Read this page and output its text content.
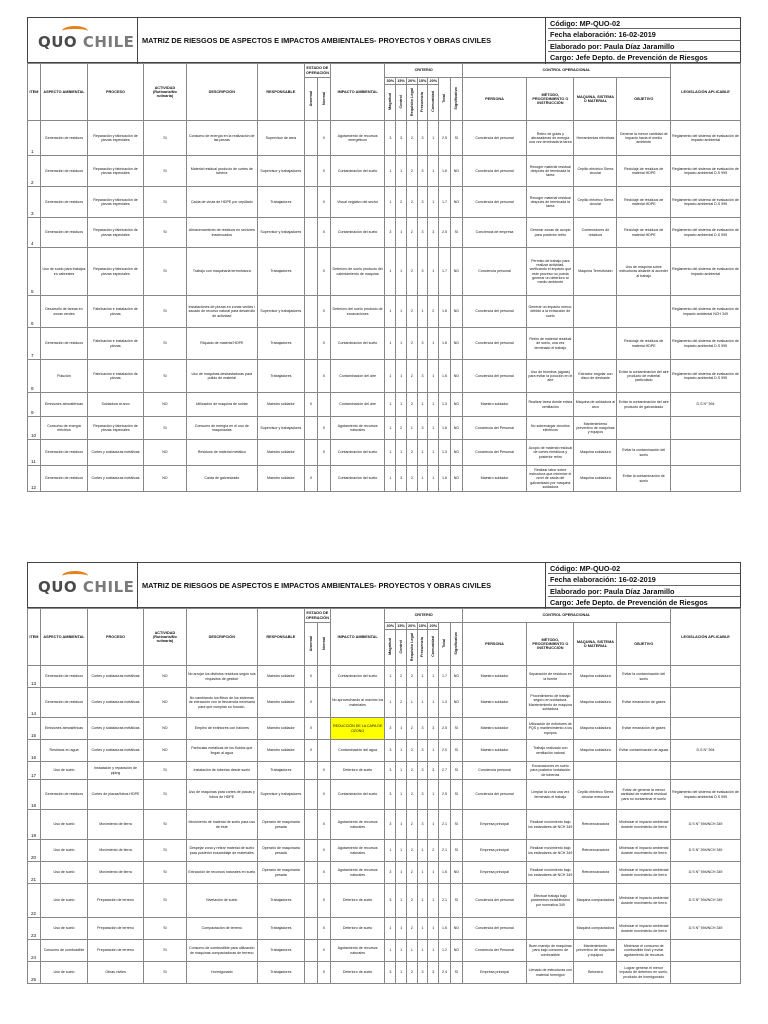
QUO CHILE MATRIZ DE RIESGOS DE ASPECTOS E IMPACTOS AMBIENTALES- PROYECTOS Y OBRAS CIVILES
Código: MP-QUO-02
Fecha elaboración: 16-02-2019
Elaborado por: Paula Díaz Jaramillo
Cargo: Jefe Depto. de Prevención de Riesgos
ITEM	ASPECTO AMBIENTAL	PROCESO	ACTIVIDAD (Rutinaria/No rutinaria)	DESCRIPCIÓN	RESPONSABLE	ESTADO DE OPERACIÓN		IMPACTO AMBIENTAL	CRITERIO							CONTROL OPERACIONAL				LEGISLACIÓN APLICABLE
						Anormal	Normal		30%	15%	20%	15%	20%	Total	Significativo	PERSONA	MÉTODO, PROCEDIMIENTO O INSTRUCCIÓN	MAQUINA, SISTEMA O MATERIAL	OBJETIVO	
									Magnitud	Control	Requisito Legal	Frecuencia	Comunidad							
1	Generación de residuos	Reparación y fabricación de piezas especiales	SI	Consumo de energía en la realización de las piezas	Supervisor de área		X	Agotamiento de recursos energéticos	3	3	2	3	1	2.5	SI	Conciencia del personal	Retiro de gutas y abrazaderas de energía una vez terminada la tarea	Herramientas eléctricas	Generar la menor cantidad de impacto hacia el medio ambiente	Reglamento del sistema de evaluación de impacto ambiental
2	Generación de residuos	Reparación y fabricación de piezas especiales	SI	Material residual producto de cortes de tubería	Supervisor y trabajadores		X	Contaminación del suelo	1	1	2	3	1	1.6	NO	Conciencia del personal	Recoger material residual después de terminada la tarea	Cepillo eléctrico Sierra circular	Reciclaje de residuos de material HDPE	Reglamento del sistema de evaluación de impacto ambiental D.S 995
3	Generación de residuos	Reparación y fabricación de piezas especiales	SI	Caída de viruta de HDPE por cepillado	Trabajadores		X	Visual negativo del sector	1	2	2	3	1	1.7	NO	Conciencia del personal	Recoger material residual después de terminada la tarea	Cepillo eléctrico Sierra circular	Reciclaje de residuos de material HDPE	Reglamento del sistema de evaluación de impacto ambiental D.S 995
4	Generación de residuos	Reparación y fabricación de piezas especiales	SI	Almacenamiento de residuos en sectores inadecuados	Supervisor y trabajadores		X	Contaminación del suelo	3	1	2	3	3	2.5	SI	Conciencia de empresa	Generar zonas de acopio para posterior retiro	Contenedores de residuos	Reciclaje de residuos de material HDPE	Reglamento del sistema de evaluación de impacto ambiental D.S 995
5	Uso de suelo para trabajos en cabrestes	Reparación y fabricación de piezas especiales	SI	Trabajo con maquinaria termofusora	Trabajadores		X	Deterioro de suelo producto del calentamiento de maquina	1	1	2	3	1	1.7	NO	Conciencia personal	Permiso de trabajo para realizar actividad, verificando el impacto que este proceso no pueda generar un deterioro al medio ambiente	Maquina Termofusión	Uso de maquina sobre estructuras aislante al acceder al trabajo	Reglamento del sistema de evaluación de impacto ambiental
6	Desarrollo de tareas en zonas verdes	Fabricación e instalación de piezas	SI	Instalaciones de piezas en zonas verdes / sacado de recurso natural para desarrollo de actividad	Supervisor y trabajadores		X	Deterioro del suelo producto de excavaciones	1	1	2	1	2	1.6	NO	Conciencia del personal	Generar un impacto menor, debido a la extracción de suelo			Reglamento del sistema de evaluación de impacto ambiental NCH 349
7	Generación de residuos	Fabricación e instalación de piezas	SI	Riquado de material HDPE	Trabajadores		X	Contaminación del suelo	1	1	2	3	1	1.6	NO	Conciencia del personal	Retiro de material residual de suelo, una vez terminado el trabajo		Reciclaje de residuos de material HDPE	Reglamento del sistema de evaluación de impacto ambiental D.S 995
8	Polución	Fabricación e instalación de piezas	SI	Uso de maquinas desbastadoras para pulido de material	Trabajadores		X	Contaminación del aire	1	1	2	3	1	1.6	NO	Conciencia del personal	Uso de biombos (aguas) para evitar la polución en el aire	Extractor angular con disco de desbaste	Evitar la contaminación del aire producto de material particulado	Reglamento del sistema de evaluación de impacto ambiental D.S 995
9	Emisiones atmosféricas	Soldadura al arco	NO	Utilización de maquina de soldar	Maestro soldador	X		Contaminación del aire	1	1	2	1	1	1.3	NO	Maestro soldador	Realizar tarea donde exista ventilación	Máquina de soldadura al arco	Evitar la contaminación del aire producto de galvanizado	D.S N° 594
10	Consumo de energía eléctrica	Reparación y fabricación de piezas especiales	SI	Consumo de energía en el uso de maquinarias	Supervisor y trabajadores		X	Agotamiento de recursos naturales	1	2	1	3	1	1.6	NO	Conciencia del Personal	No sobrecargar circuitos eléctricos	Mantenimiento preventivo de maquinas y equipos		
11	Generación de residuos	Cortes y soldaduras metálicas	NO	Residuos de material metálico	Maestro soldador		X	Contaminación del suelo	1	1	2	1	1	1.3	NO	Conciencia del Personal	Acopio de material residual de cortes metálicos y posterior retiro	Maquina soldadura	Evitar la contaminación del suelo	
12	Generación de residuos	Cortes y soldaduras metálicas	NO	Caída de galvanizado	Maestro soldador	X		Contaminación del suelo	1	3	2	1	1	1.6	NO	Maestro soldador	Realizar labor sobre estructura que minimice el nivel de caída del galvanizado por maquina soldadora	Maquina soldadura	Evitar la contaminación de suelo	
QUO CHILE MATRIZ DE RIESGOS DE ASPECTOS E IMPACTOS AMBIENTALES- PROYECTOS Y OBRAS CIVILES
Código: MP-QUO-02
Fecha elaboración: 16-02-2019
Elaborado por: Paula Díaz Jaramillo
Cargo: Jefe Depto. de Prevención de Riesgos
ITEM	ASPECTO AMBIENTAL	PROCESO	ACTIVIDAD (Rutinaria/No rutinaria)	DESCRIPCIÓN	RESPONSABLE	ESTADO DE OPERACIÓN		IMPACTO AMBIENTAL	CRITERIO							CONTROL OPERACIONAL				LEGISLACIÓN APLICABLE
						Anormal	Normal		30%	15%	20%	15%	20%	Total	Significativo	PERSONA	MÉTODO, PROCEDIMIENTO O INSTRUCCIÓN	MAQUINA, SISTEMA O MATERIAL	OBJETIVO	
									Magnitud	Control	Requisito Legal	Frecuencia	Comunidad							
13	Generación de residuos	Cortes y soldaduras metálicas	NO	No arrojar los distintos residuos según sus requisitos de gestión	Maestro soldador	X		Contaminación del suelo	1	2	2	1	1	1.7	NO	Maestro soldador	Separación de residuos en la fuente	Maquina soldadura	Evitar la contaminación del suelo	
14	Generación de residuos	Cortes y soldaduras metálicas	NO	No cambiando los filtros de los sistemas de extracción con la frecuencia necesaria para que cumplan su función.	Maestro soldador	X		No aprovechando al máximo los materiales	1	2	1	1	1	1.3	NO	Maestro soldador	Procedimiento de trabajo seguro en soldadura. Mantenimiento de maquina soldadura	Maquina soldadura	Evitar emanación de gases	
15	Emisiones atmosféricas	Cortes y soldaduras metálicas	NO	Empleo de extintores con halones	Maestro soldador	X		REDUCCIÓN DE LA CAPA DE OZONO	3	1	2	3	3	2.5	SI	Maestro soldador	Utilización de extintores de PQS y mantenimiento a los equipos	Maquina soldadura	Evitar emanación de gases	
16	Residuos en agua	Cortes y soldaduras metálicas	NO	Partículas metálicas de los fluidos que llegan al agua	Maestro soldador	X		Contaminación del agua	3	1	2	3	1	2.0	SI	Maestro soldador	Trabajo realizado con ventilación natural	Maquina soldadura	Evitar contaminación de aguas	D.S N° 594
17	Uso de suelo	Instalación y reparación de piping	SI	Instalación de tuberías desde suelo	Trabajadores		X	Deterioro de suelo	3	1	2	3	3	2.7	SI	Conciencia personal	Excavaciones en suelo para posterior instalación de tuberías			
18	Generación de residuos	Cortes de placas/tubos HDPE	SI	Uso de maquinas para cortes de placas y tubos de HDPE	Supervisor y trabajadores		X	Contaminación del suelo	3	1	2	3	1	2.5	SI	Conciencia del personal	Limpiar la zona una vez terminado el trabajo	Cepillo eléctrico Sierra circular extrusora	Evitar de generar la menor cantidad de material residual para no contaminar el suelo	Reglamento del sistema de evaluación de impacto ambiental D.S 995
19	Uso de suelo	Movimiento de tierra	SI	Movimiento de material de suelo para uso de éste	Operario de maquinaria pesada		X	Agotamiento de recursos naturales	3	1	2	3	1	2.1	SI	Empresa principal	Realizar movimiento bajo los estándares de NCH 349	Retroexcavadora	Minimizar el impacto ambiental durante movimiento de tierra	D.S N° 594/NCH 349
20	Uso de suelo	Movimiento de tierra	SI	Despejar zona y retirar material de suelo para posterior ensamblaje de materiales	Operario de maquinaria pesada		X	Agotamiento de recursos naturales	1	1	2	1	2	2.1	SI	Empresa principal	Realizar movimiento bajo los estándares de NCH 349	Retroexcavadora	Minimizar el impacto ambiental durante movimiento de tierra	D.S N° 594/NCH 349
21	Uso de suelo	Movimiento de tierra	SI	Extracción de recursos naturales en suelo	Operario de maquinaria pesada		X	Agotamiento de recursos naturales	3	1	2	1	1	1.6	NO	Empresa principal	Realizar movimiento bajo los estándares de NCH 349	Retroexcavadora	Minimizar el impacto ambiental durante movimiento de tierra	D.S N° 594/NCH 349
22	Uso de suelo	Preparación de terreno	SI	Nivelación de suelo	Trabajadores		X	Deterioro de suelo	3	1	2	1	1	2.1	SI	Conciencia del personal	Efectuar trabajo bajo parámetros establecidos por normativa 349	Maquina compactadora	Minimizar el impacto ambiental durante movimiento de tierra	D.S N° 594/NCH 349
23	Uso de suelo	Preparación de terreno	SI	Compactación de terreno	Trabajadores		X	Deterioro de suelo	1	1	2	1	1	1.6	NO	Conciencia del personal		Maquina compactadora	Minimizar el impacto ambiental durante movimiento de tierra	D.S N° 594/NCH 349
24	Consumo de combustible	Preparación de terreno	SI	Consumo de combustible para utilización de maquinas compactadoras de terreno	Trabajadores		X	Agotamiento de recursos naturales	1	1	1	1	1	1.2	NO	Conciencia del Personal	Buen manejo de maquinas para bajo consumo de combustible	Mantenimiento preventivo de maquinas y equipos	Minimizar el consumo de combustible fósil y evitar agotamiento de recursos	
25	Uso de suelo	Obras civiles	SI	Hormigonado	Trabajadores		X	Deterioro de suelo	3	1	2	3	3	2.4	SI	Empresa principal	Llenado de estructuras con material hormigón	Betonera	Lograr generar el menor impacto de deterioro en suelo, producto de hormigonado	
